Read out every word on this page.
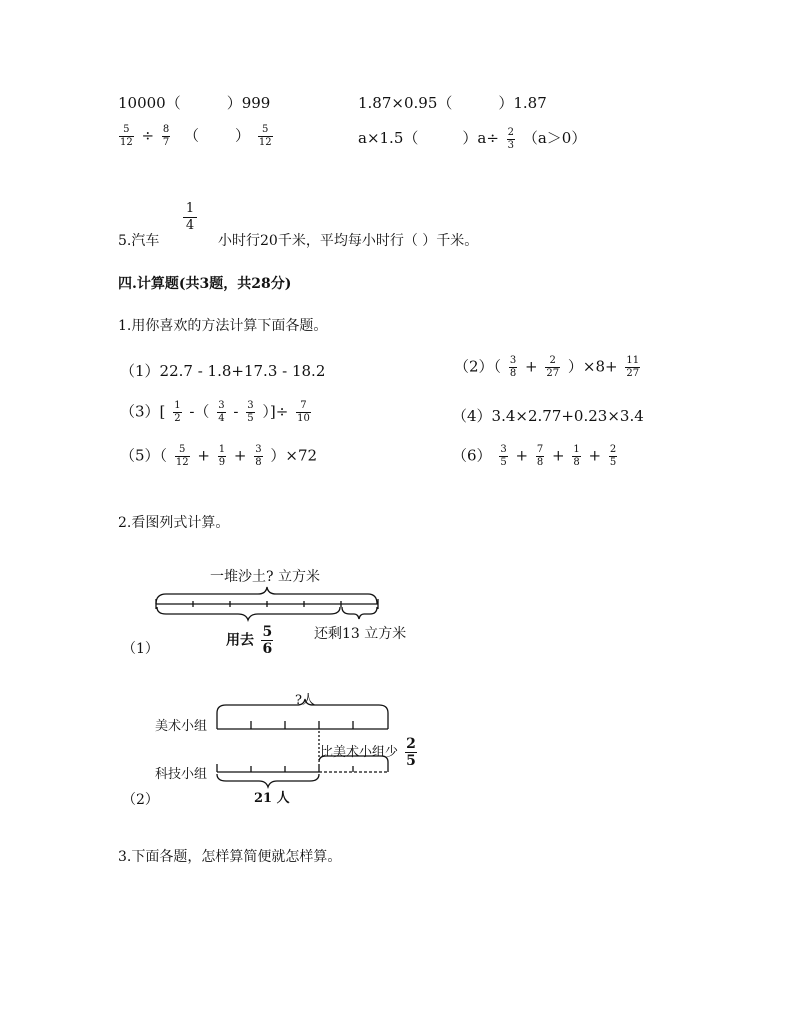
10000（	）999	1.87×0.95（	）1.87
$\frac{5}{12} \div \frac{8}{7}$ （ ） $\frac{5}{12}$	a×1.5（	）$a\div \frac{2}{3} (a>0)$
5.汽车
1
4
小时行20千米，平均每小时行（ ）千米。
四.计算题(共3题，共28分)
1.用你喜欢的方法计算下面各题。
（1）22.7 - 1.8+17.3 - 18.2	$(2)( \frac{3}{8} + \frac{2}{27} )\times 8+ \frac{11}{27}$
$(3)[ \frac{1}{2}$ -（ $\frac{3}{4} - \frac{3}{5}$ ）]÷ $\frac{7}{10}$	（4）3.4×2.77+0.23×3.4
$(5)( \frac{5}{12} + \frac{1}{9} + \frac{3}{8} )\times 72$	$(6) \frac{3}{5} + \frac{7}{8} + \frac{1}{8} + \frac{2}{5}$
2.看图列式计算。
一堆沙土? 立方米
用去 $\frac{5}{6}$	还剩13 立方米
（1）
?人
美术小组
比美术小组少 $\frac{2}{5}$
科技小组
21 人
（2）
3.下面各题，怎样算简便就怎样算。
